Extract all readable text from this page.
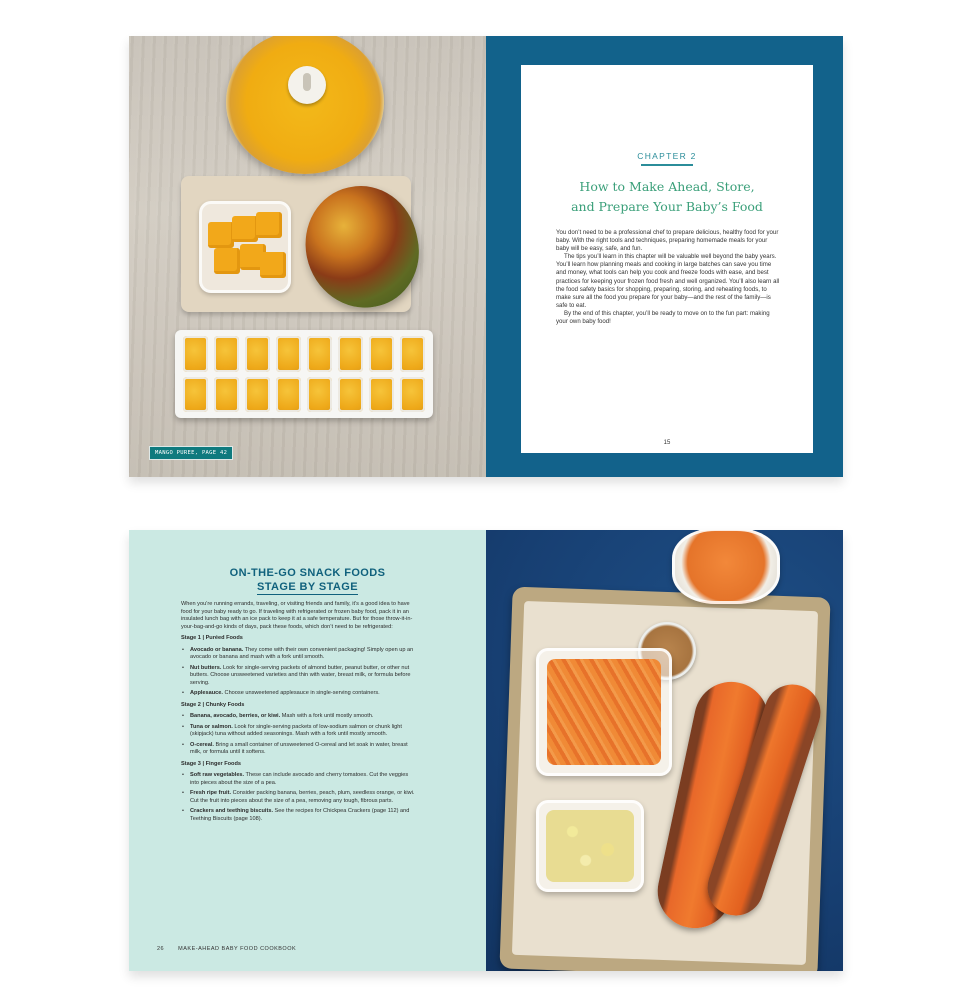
MANGO PUREE, PAGE 42
CHAPTER 2
How to Make Ahead, Store,
and Prepare Your Baby’s Food

You don’t need to be a professional chef to prepare delicious, healthy food for your baby. With the right tools and techniques, preparing homemade meals for your baby will be easy, safe, and fun.

The tips you’ll learn in this chapter will be valuable well beyond the baby years. You’ll learn how planning meals and cooking in large batches can save you time and money, what tools can help you cook and freeze foods with ease, and best practices for keeping your frozen food fresh and well organized. You’ll also learn all the food safety basics for shopping, preparing, storing, and reheating foods, to make sure all the food you prepare for your baby—and the rest of the family—is safe to eat.

By the end of this chapter, you’ll be ready to move on to the fun part: making your own baby food!

15
ON-THE-GO SNACK FOODS
STAGE BY STAGE

When you’re running errands, traveling, or visiting friends and family, it’s a good idea to have food for your baby ready to go. If traveling with refrigerated or frozen baby food, pack it in an insulated lunch bag with an ice pack to keep it at a safe temperature. But for those throw-it-in-your-bag-and-go kinds of days, pack these foods, which don’t need to be refrigerated:

Stage 1 | Puréed Foods

• Avocado or banana. They come with their own convenient packaging! Simply open up an avocado or banana and mash with a fork until smooth.
• Nut butters. Look for single-serving packets of almond butter, peanut butter, or other nut butters. Choose unsweetened varieties and thin with water, breast milk, or formula before serving.
• Applesauce. Choose unsweetened applesauce in single-serving containers.

Stage 2 | Chunky Foods

• Banana, avocado, berries, or kiwi. Mash with a fork until mostly smooth.
• Tuna or salmon. Look for single-serving packets of low-sodium salmon or chunk light (skipjack) tuna without added seasonings. Mash with a fork until mostly smooth.
• O-cereal. Bring a small container of unsweetened O-cereal and let soak in water, breast milk, or formula until it softens.

Stage 3 | Finger Foods

• Soft raw vegetables. These can include avocado and cherry tomatoes. Cut the veggies into pieces about the size of a pea.
• Fresh ripe fruit. Consider packing banana, berries, peach, plum, seedless orange, or kiwi. Cut the fruit into pieces about the size of a pea, removing any tough, fibrous parts.
• Crackers and teething biscuits. See the recipes for Chickpea Crackers (page 112) and Teething Biscuits (page 108).
26	MAKE-AHEAD BABY FOOD COOKBOOK
